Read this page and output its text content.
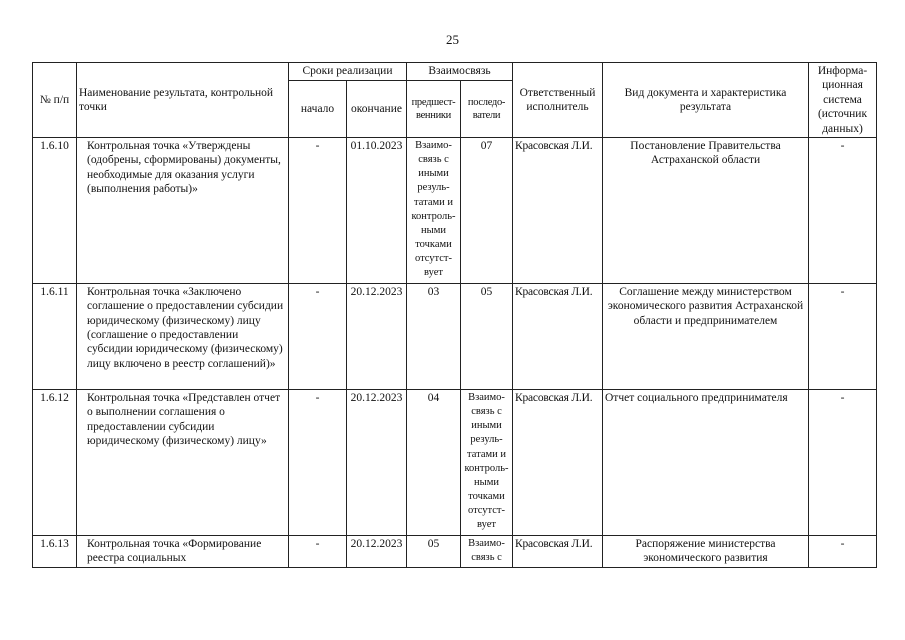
25
№ п/п	Наименование результата, контрольной точки	Сроки реализации		Взаимосвязь		Ответственный исполнитель	Вид документа и характеристика результата	Информа-ционная система (источник данных)
		начало	окончание	предшест-венники	последо-ватели			
1.6.10	Контрольная точка «Утверждены (одобрены, сформированы) документы, необходимые для оказания услуги (выполнения работы)»	-	01.10.2023	Взаимо-связь с иными резуль-татами и контроль-ными точками отсутст-вует	07	Красовская Л.И.	Постановление Правительства Астраханской области	-
1.6.11	Контрольная точка «Заключено соглашение о предоставлении субсидии юридическому (физическому) лицу (соглашение о предоставлении субсидии юридическому (физическому) лицу включено в реестр соглашений)»	-	20.12.2023	03	05	Красовская Л.И.	Соглашение между министерством экономического развития Астраханской области и предпринимателем	-
1.6.12	Контрольная точка «Представлен отчет о выполнении соглашения о предоставлении субсидии юридическому (физическому) лицу»	-	20.12.2023	04	Взаимо-связь с иными резуль-татами и контроль-ными точками отсутст-вует	Красовская Л.И.	Отчет социального предпринимателя	-
1.6.13	Контрольная точка «Формирование реестра социальных	-	20.12.2023	05	Взаимо-связь с	Красовская Л.И.	Распоряжение министерства экономического развития	-
